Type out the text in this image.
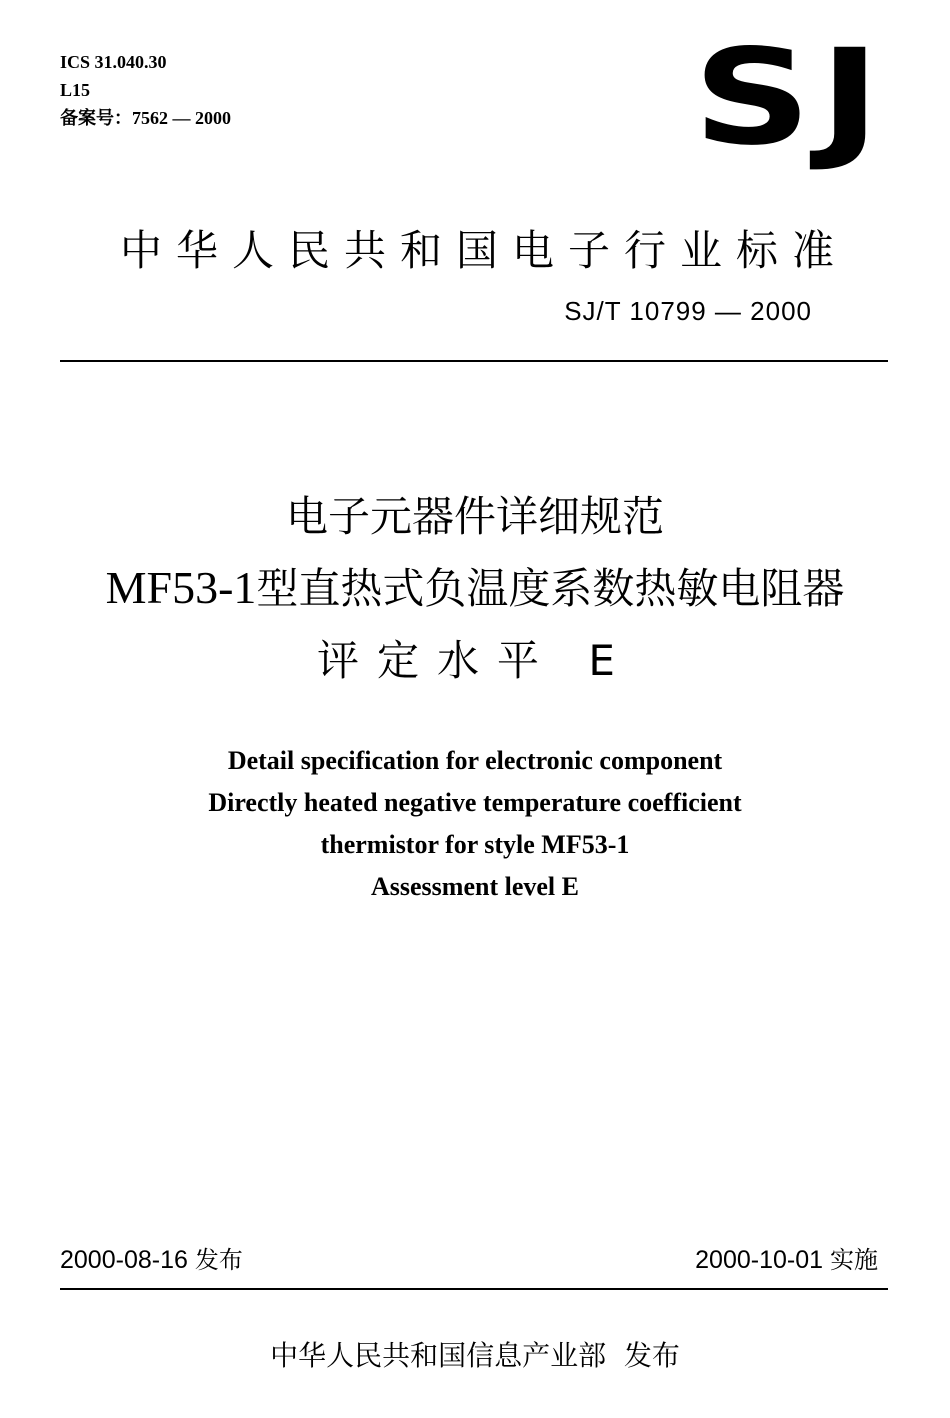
ICS 31.040.30
L15
备案号：7562 — 2000	SJ
中华人民共和国电子行业标准
SJ/T 10799 — 2000
电子元器件详细规范
MF53-1型直热式负温度系数热敏电阻器
评定水平 E
Detail specification for electronic component
Directly heated negative temperature coefficient
thermistor for style MF53-1
Assessment level E
2000-08-16 发布	2000-10-01 实施
中华人民共和国信息产业部 发布
